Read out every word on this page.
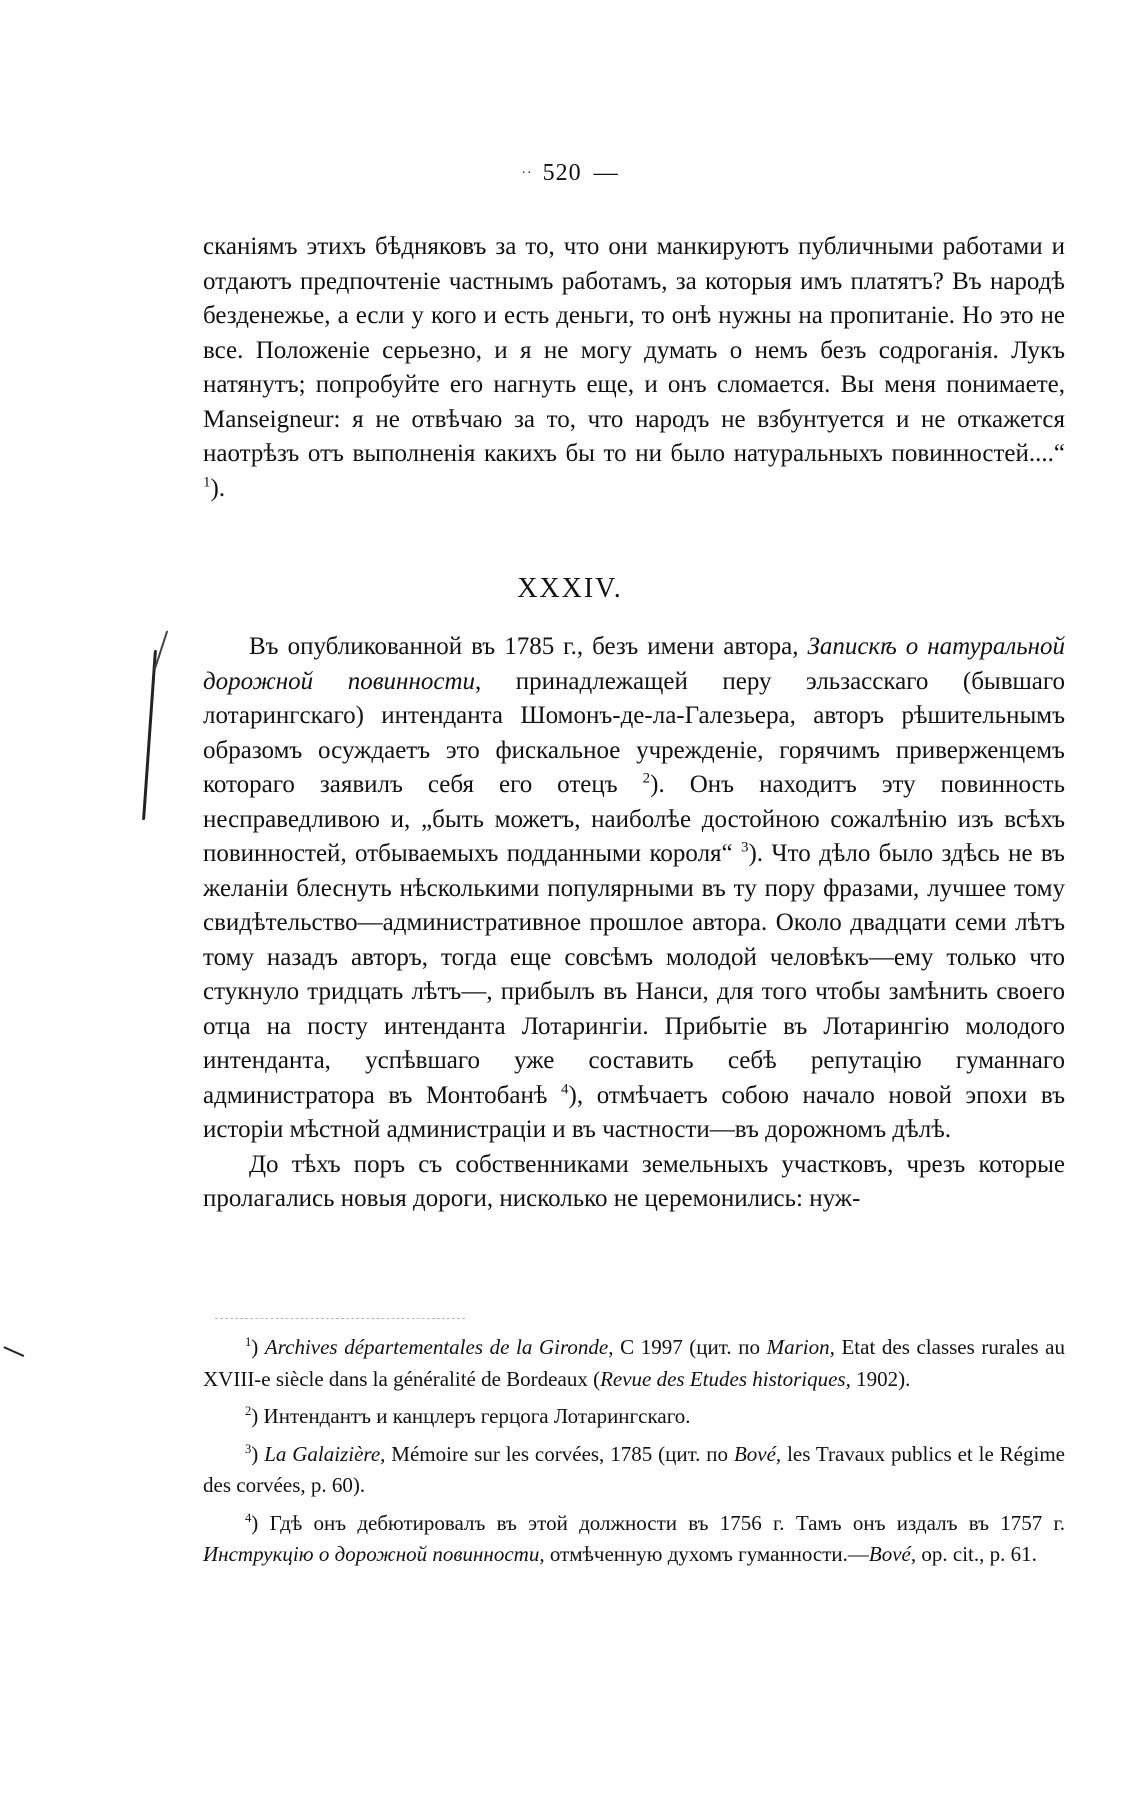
·· 520 —

сканіямъ этихъ бѣдняковъ за то, что они манкируютъ публичными работами и отдаютъ предпочтеніе частнымъ работамъ, за которыя имъ платятъ? Въ народѣ безденежье, а если у кого и есть деньги, то онѣ нужны на пропитаніе. Но это не все. Положеніе серьезно, и я не могу думать о немъ безъ содроганія. Лукъ натянутъ; попробуйте его нагнуть еще, и онъ сломается. Вы меня понимаете, Manseigneur: я не отвѣчаю за то, что народъ не взбунтуется и не откажется наотрѣзъ отъ выполненія какихъ бы то ни было натуральныхъ повинностей....“ $^1$).

XXXIV.

Въ опубликованной въ 1785 г., безъ имени автора, Запискѣ о натуральной дорожной повинности, принадлежащей перу эльзасскаго (бывшаго лотарингскаго) интенданта Шомонъ-де-ла-Галезьера, авторъ рѣшительнымъ образомъ осуждаетъ это фискальное учрежденіе, горячимъ приверженцемъ котораго заявилъ себя его отецъ $^2$). Онъ находитъ эту повинность несправедливою и, „быть можетъ, наиболѣе достойною сожалѣнію изъ всѣхъ повинностей, отбываемыхъ подданными короля“ $^3$). Что дѣло было здѣсь не въ желаніи блеснуть нѣсколькими популярными въ ту пору фразами, лучшее тому свидѣтельство—административное прошлое автора. Около двадцати семи лѣтъ тому назадъ авторъ, тогда еще совсѣмъ молодой человѣкъ—ему только что стукнуло тридцать лѣтъ—, прибылъ въ Нанси, для того чтобы замѣнить своего отца на посту интенданта Лотарингіи. Прибытіе въ Лотарингію молодого интенданта, успѣвшаго уже составить себѣ репутацію гуманнаго администратора въ Монтобанѣ $^4$), отмѣчаетъ собою начало новой эпохи въ исторіи мѣстной администраціи и въ частности—въ дорожномъ дѣлѣ.

До тѣхъ поръ съ собственниками земельныхъ участковъ, чрезъ которые пролагались новыя дороги, нисколько не церемонились: нуж-

$^1$) Archives départementales de la Gironde, С 1997 (цит. по Marion, Etat des classes rurales au XVIII-e siècle dans la généralité de Bordeaux (Revue des Etudes historiques, 1902).

$^2$) Интендантъ и канцлеръ герцога Лотарингскаго.

$^3$) La Galaizière, Mémoire sur les corvées, 1785 (цит. по Bové, les Travaux publics et le Régime des corvées, p. 60).

$^4$) Гдѣ онъ дебютировалъ въ этой должности въ 1756 г. Тамъ онъ издалъ въ 1757 г. Инструкцію о дорожной повинности, отмѣченную духомъ гуманности.—Bové, op. cit., p. 61.
